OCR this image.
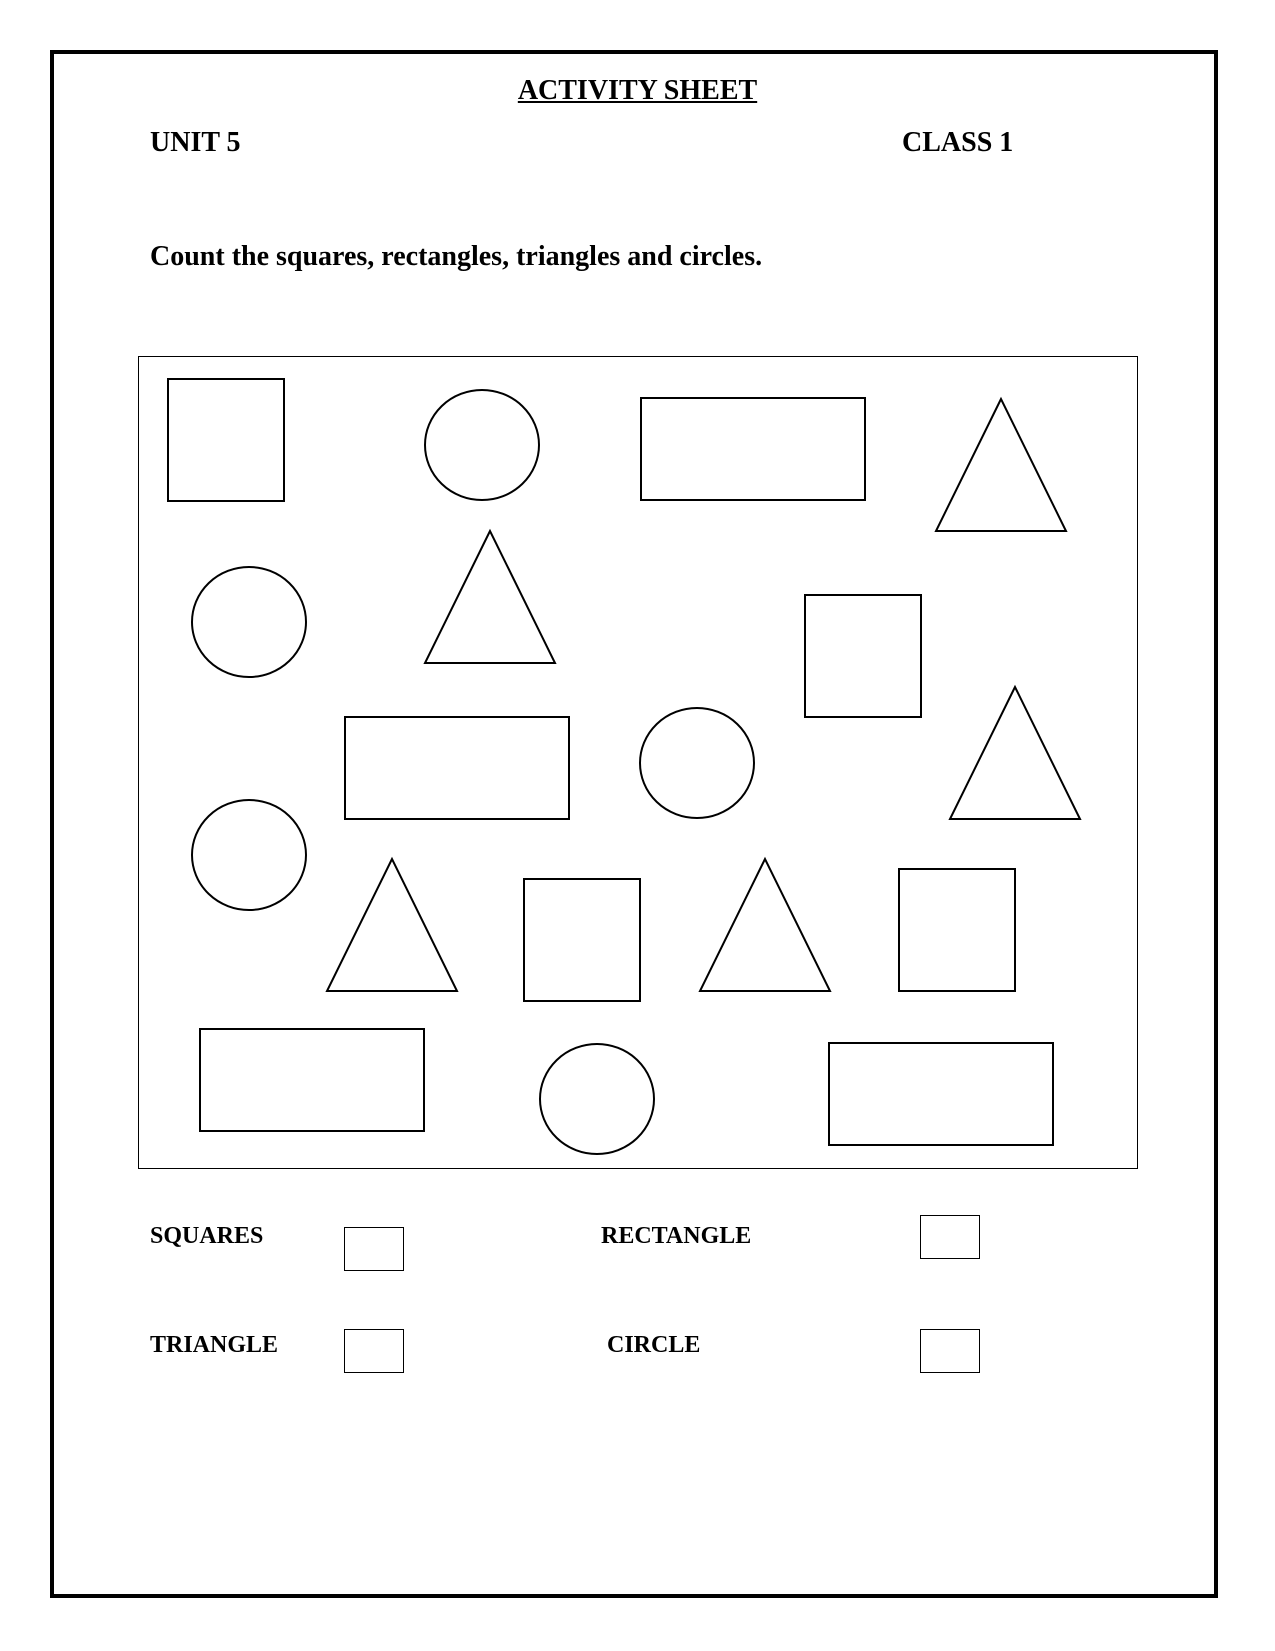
ACTIVITY SHEET
UNIT 5	CLASS 1
Count the squares, rectangles, triangles and circles.
SQUARES	RECTANGLE
TRIANGLE	CIRCLE
